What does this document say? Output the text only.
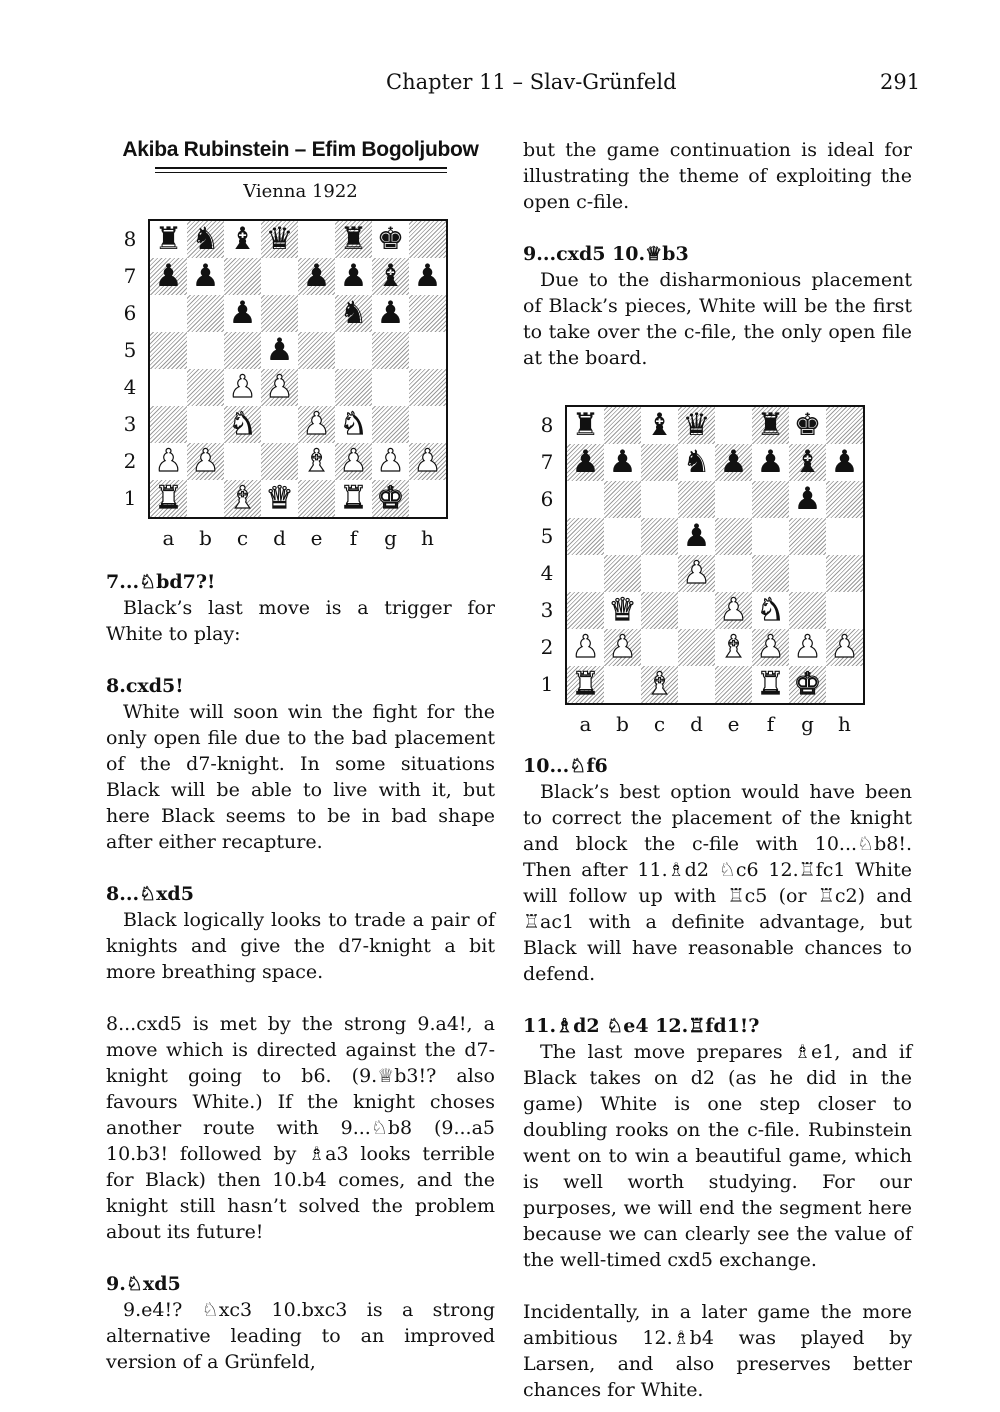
Chapter 11 – Slav-Grünfeld	291
Akiba Rubinstein – Efim Bogoljubow
Vienna 1922
8
7
6
5
4
3
2
1
♜ ♞ ♝ ♛ ♜ ♚
♟ ♟	♟ ♟ ♝ ♟
♟	♞ ♟
♟
♟ ♟
♞ ♟ ♞
♟ ♟	♝ ♟ ♟ ♟
♜ ♝ ♛ ♜ ♚
a	b	c	d	e	f	g	h
7...♘bd7?!

Black’s last move is a trigger for White to play:

8.cxd5!

White will soon win the fight for the only open file due to the bad placement of the d7-knight. In some situations Black will be able to live with it, but here Black seems to be in bad shape after either recapture.

8...♘xd5

Black logically looks to trade a pair of knights and give the d7-knight a bit more breathing space.

8...cxd5 is met by the strong 9.a4!, a move which is directed against the d7-knight going to b6. (9.♕b3!? also favours White.) If the knight choses another route with 9...♘b8 (9...a5 10.b3! followed by ♗a3 looks terrible for Black) then 10.b4 comes, and the knight still hasn’t solved the problem about its future!

9.♘xd5

9.e4!? ♘xc3 10.bxc3 is a strong alternative leading to an improved version of a Grünfeld,

but the game continuation is ideal for illustrating the theme of exploiting the open c-file.

9...cxd5 10.♕b3

Due to the disharmonious placement of Black’s pieces, White will be the first to take over the c-file, the only open file at the board.

8
7
6
5
4
3
2
1
♜ ♝ ♛ ♜ ♚
♟ ♟ ♞ ♟ ♟ ♝ ♟
♟
♟
♟
♛	♟ ♞
♟ ♟	♝ ♟ ♟ ♟
♜ ♝	♜ ♚
a	b	c	d	e	f	g	h
10...♘f6

Black’s best option would have been to correct the placement of the knight and block the c-file with 10...♘b8!. Then after 11.♗d2 ♘c6 12.♖fc1 White will follow up with ♖c5 (or ♖c2) and ♖ac1 with a definite advantage, but Black will have reasonable chances to defend.

11.♗d2 ♘e4 12.♖fd1!?

The last move prepares ♗e1, and if Black takes on d2 (as he did in the game) White is one step closer to doubling rooks on the c-file. Rubinstein went on to win a beautiful game, which is well worth studying. For our purposes, we will end the segment here because we can clearly see the value of the well-timed cxd5 exchange.

Incidentally, in a later game the more ambitious 12.♗b4 was played by Larsen, and also preserves better chances for White.
